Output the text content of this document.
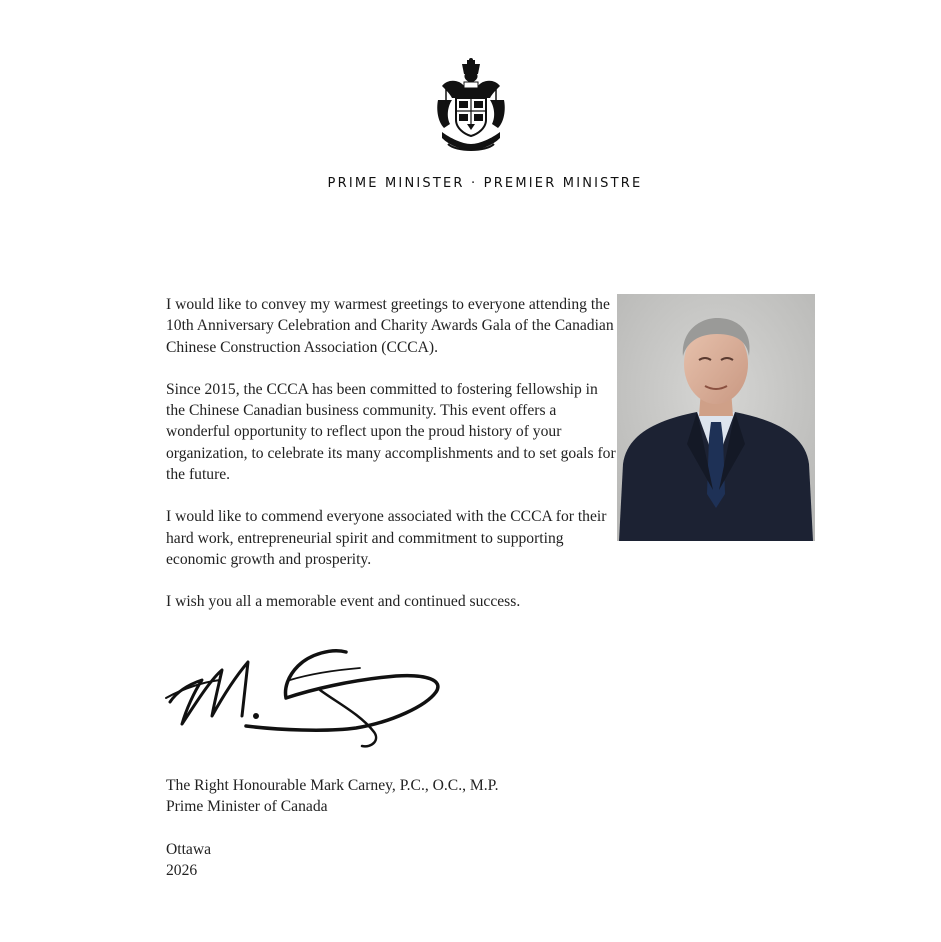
PRIME MINISTER · PREMIER MINISTRE

I would like to convey my warmest greetings to everyone attending the 10th Anniversary Celebration and Charity Awards Gala of the Canadian Chinese Construction Association (CCCA).

Since 2015, the CCCA has been committed to fostering fellowship in the Chinese Canadian business community. This event offers a wonderful opportunity to reflect upon the proud history of your organization, to celebrate its many accomplishments and to set goals for the future.

I would like to commend everyone associated with the CCCA for their hard work, entrepreneurial spirit and commitment to supporting economic growth and prosperity.

I wish you all a memorable event and continued success.

The Right Honourable Mark Carney, P.C., O.C., M.P.
Prime Minister of Canada
Ottawa
2026
